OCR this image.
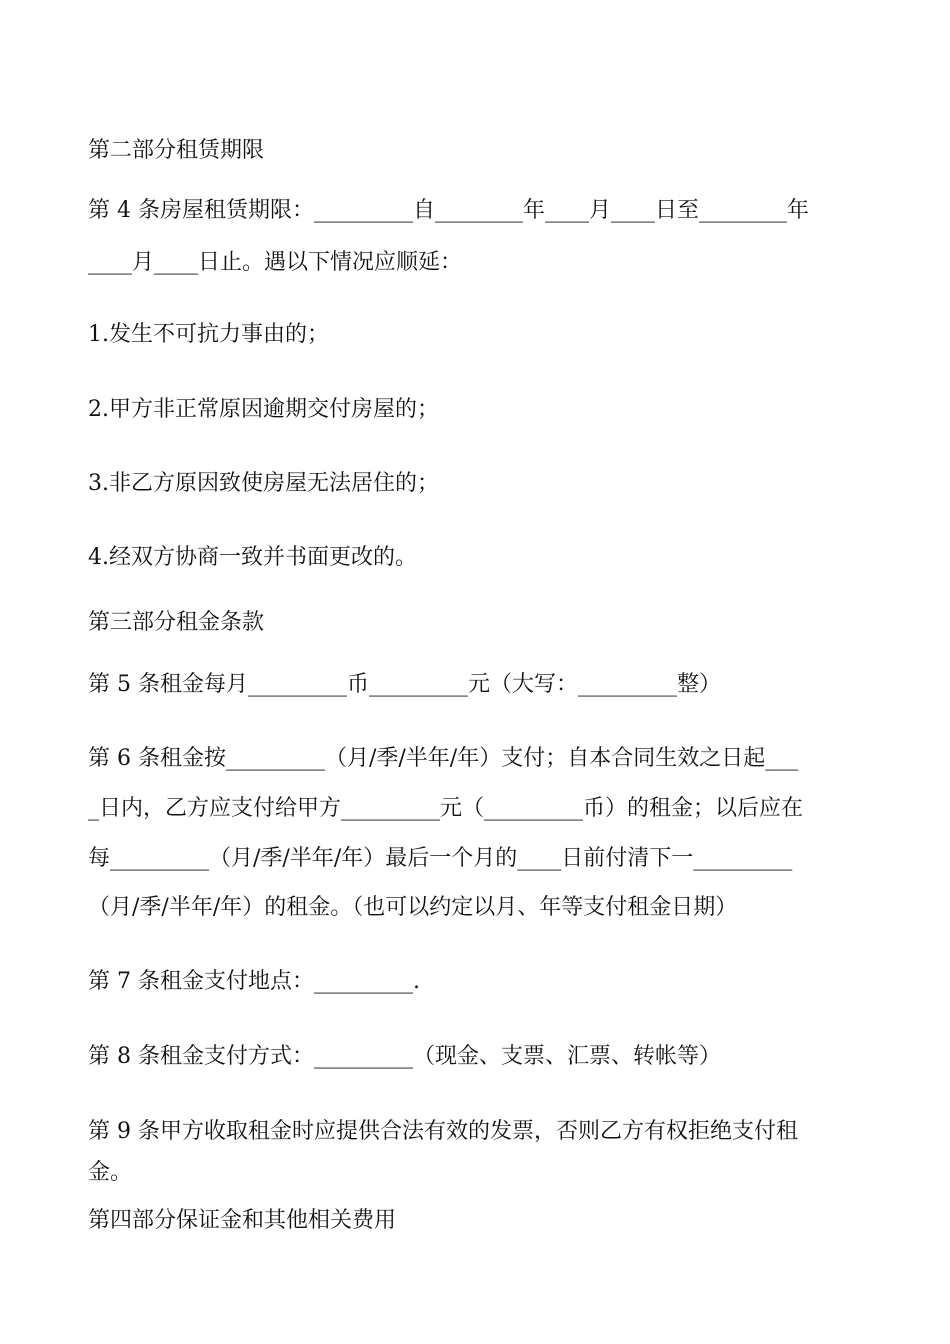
第二部分租赁期限
第 4 条房屋租赁期限：_________自________年____月____日至________年
____月____日止。遇以下情况应顺延：
1.发生不可抗力事由的；
2.甲方非正常原因逾期交付房屋的；
3.非乙方原因致使房屋无法居住的；
4.经双方协商一致并书面更改的。
第三部分租金条款
第 5 条租金每月_________币_________元（大写：_________整）
第 6 条租金按_________（月/季/半年/年）支付；自本合同生效之日起___
_日内，乙方应支付给甲方_________元（_________币）的租金；以后应在
每_________（月/季/半年/年）最后一个月的____日前付清下一_________
（月/季/半年/年）的租金。（也可以约定以月、年等支付租金日期）
第 7 条租金支付地点：_________.
第 8 条租金支付方式：_________（现金、支票、汇票、转帐等）
第 9 条甲方收取租金时应提供合法有效的发票，否则乙方有权拒绝支付租
金。
第四部分保证金和其他相关费用
